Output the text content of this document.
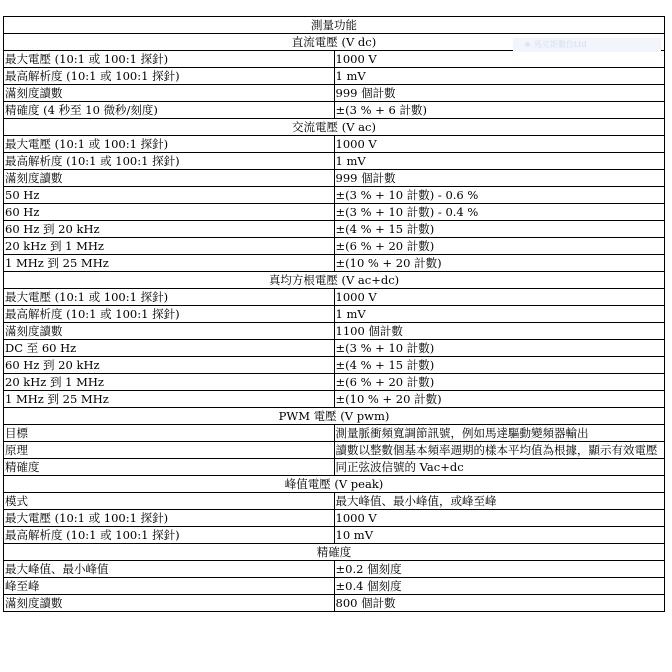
測量功能	
直流電壓 (V dc)	
最大電壓 (10:1 或 100:1 探針)	1000 V
最高解析度 (10:1 或 100:1 探針)	1 mV
滿刻度讀數	999 個計數
精確度 (4 秒至 10 微秒/刻度)	±(3 % + 6 計數)
交流電壓 (V ac)	
最大電壓 (10:1 或 100:1 探針)	1000 V
最高解析度 (10:1 或 100:1 探針)	1 mV
滿刻度讀數	999 個計數
50 Hz	±(3 % + 10 計數) - 0.6 %
60 Hz	±(3 % + 10 計數) - 0.4 %
60 Hz 到 20 kHz	±(4 % + 15 計數)
20 kHz 到 1 MHz	±(6 % + 20 計數)
1 MHz 到 25 MHz	±(10 % + 20 計數)
真均方根電壓 (V ac+dc)	
最大電壓 (10:1 或 100:1 探針)	1000 V
最高解析度 (10:1 或 100:1 探針)	1 mV
滿刻度讀數	1100 個計數
DC 至 60 Hz	±(3 % + 10 計數)
60 Hz 到 20 kHz	±(4 % + 15 計數)
20 kHz 到 1 MHz	±(6 % + 20 計數)
1 MHz 到 25 MHz	±(10 % + 20 計數)
PWM 電壓 (V pwm)	
目標	測量脈衝頻寬調節訊號，例如馬達驅動變頻器輸出
原理	讀數以整數個基本頻率週期的樣本平均值為根據，顯示有效電壓
精確度	同正弦波信號的 Vac+dc
峰值電壓 (V peak)	
模式	最大峰值、最小峰值，或峰至峰
最大電壓 (10:1 或 100:1 探針)	1000 V
最高解析度 (10:1 或 100:1 探針)	10 mV
精確度	
最大峰值、最小峰值	±0.2 個刻度
峰至峰	±0.4 個刻度
滿刻度讀數	800 個計數
馬克斯數位Ltd
